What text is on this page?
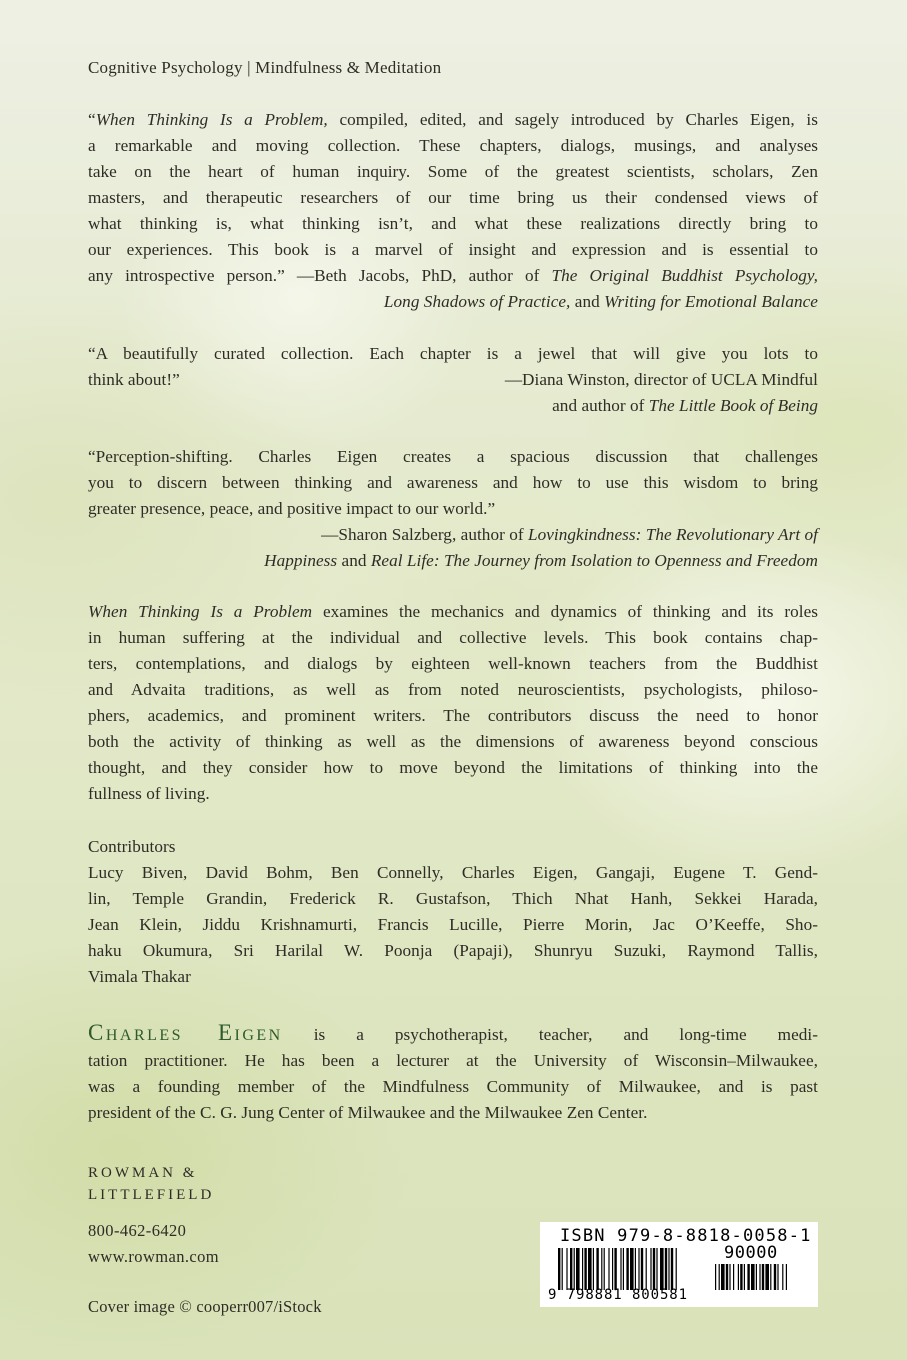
Cognitive Psychology | Mindfulness & Meditation
“When Thinking Is a Problem, compiled, edited, and sagely introduced by Charles Eigen, is
a remarkable and moving collection. These chapters, dialogs, musings, and analyses
take on the heart of human inquiry. Some of the greatest scientists, scholars, Zen
masters, and therapeutic researchers of our time bring us their condensed views of
what thinking is, what thinking isn’t, and what these realizations directly bring to
our experiences. This book is a marvel of insight and expression and is essential to
any introspective person.” —Beth Jacobs, PhD, author of The Original Buddhist Psychology,
Long Shadows of Practice, and Writing for Emotional Balance
“A beautifully curated collection. Each chapter is a jewel that will give you lots to
think about!”	—Diana Winston, director of UCLA Mindful
and author of The Little Book of Being
“Perception-shifting. Charles Eigen creates a spacious discussion that challenges
you to discern between thinking and awareness and how to use this wisdom to bring
greater presence, peace, and positive impact to our world.”
—Sharon Salzberg, author of Lovingkindness: The Revolutionary Art of
Happiness and Real Life: The Journey from Isolation to Openness and Freedom
When Thinking Is a Problem examines the mechanics and dynamics of thinking and its roles
in human suffering at the individual and collective levels. This book contains chap-
ters, contemplations, and dialogs by eighteen well-known teachers from the Buddhist
and Advaita traditions, as well as from noted neuroscientists, psychologists, philoso-
phers, academics, and prominent writers. The contributors discuss the need to honor
both the activity of thinking as well as the dimensions of awareness beyond conscious
thought, and they consider how to move beyond the limitations of thinking into the
fullness of living.
Contributors
Lucy Biven, David Bohm, Ben Connelly, Charles Eigen, Gangaji, Eugene T. Gend-
lin, Temple Grandin, Frederick R. Gustafson, Thich Nhat Hanh, Sekkei Harada,
Jean Klein, Jiddu Krishnamurti, Francis Lucille, Pierre Morin, Jac O’Keeffe, Sho-
haku Okumura, Sri Harilal W. Poonja (Papaji), Shunryu Suzuki, Raymond Tallis,
Vimala Thakar
Charles Eigen is a psychotherapist, teacher, and long-time medi-
tation practitioner. He has been a lecturer at the University of Wisconsin–Milwaukee,
was a founding member of the Mindfulness Community of Milwaukee, and is past
president of the C. G. Jung Center of Milwaukee and the Milwaukee Zen Center.
ROWMAN &
LITTLEFIELD
800-462-6420
www.rowman.com
Cover image © cooperr007/iStock
ISBN 979-8-8818-0058-1
90000
9 798881 800581
